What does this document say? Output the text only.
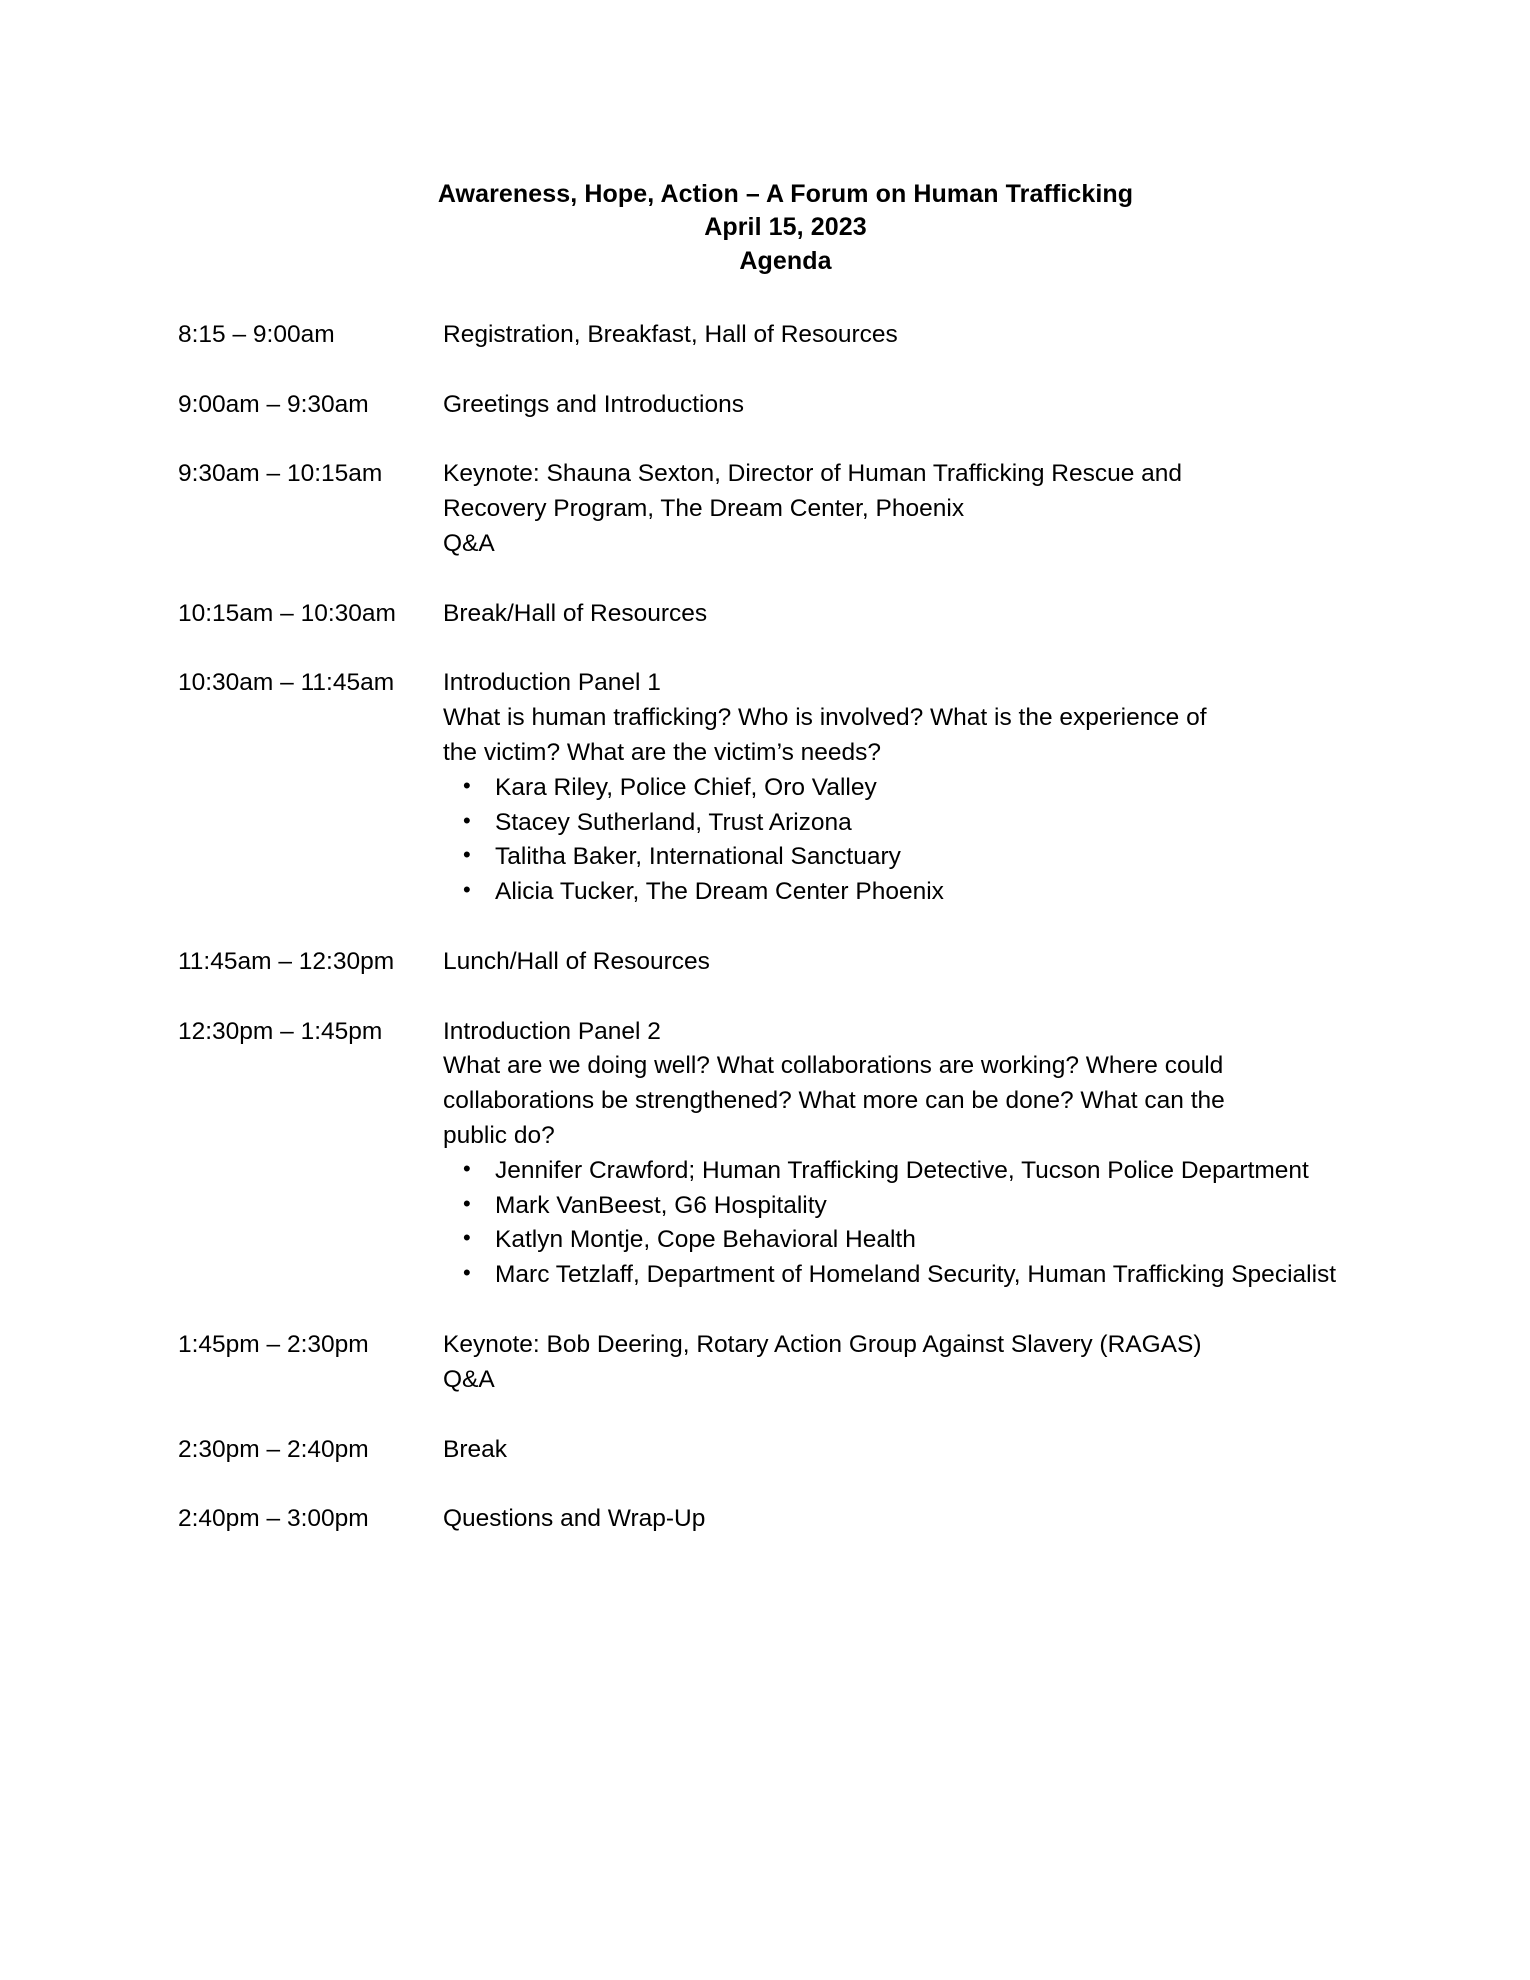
Awareness, Hope, Action – A Forum on Human Trafficking
April 15, 2023
Agenda
8:15 – 9:00am	Registration, Breakfast, Hall of Resources

9:00am – 9:30am	Greetings and Introductions

9:30am – 10:15am	Keynote: Shauna Sexton, Director of Human Trafficking Rescue and
Recovery Program, The Dream Center, Phoenix
Q&A

10:15am – 10:30am	Break/Hall of Resources

10:30am – 11:45am	Introduction Panel 1
What is human trafficking? Who is involved? What is the experience of
the victim? What are the victim’s needs?
• Kara Riley, Police Chief, Oro Valley
• Stacey Sutherland, Trust Arizona
• Talitha Baker, International Sanctuary
• Alicia Tucker, The Dream Center Phoenix

11:45am – 12:30pm	Lunch/Hall of Resources

12:30pm – 1:45pm	Introduction Panel 2
What are we doing well? What collaborations are working? Where could
collaborations be strengthened? What more can be done? What can the
public do?
• Jennifer Crawford; Human Trafficking Detective, Tucson Police Department
• Mark VanBeest, G6 Hospitality
• Katlyn Montje, Cope Behavioral Health
• Marc Tetzlaff, Department of Homeland Security, Human Trafficking Specialist

1:45pm – 2:30pm	Keynote: Bob Deering, Rotary Action Group Against Slavery (RAGAS)
Q&A

2:30pm – 2:40pm	Break

2:40pm – 3:00pm	Questions and Wrap-Up
